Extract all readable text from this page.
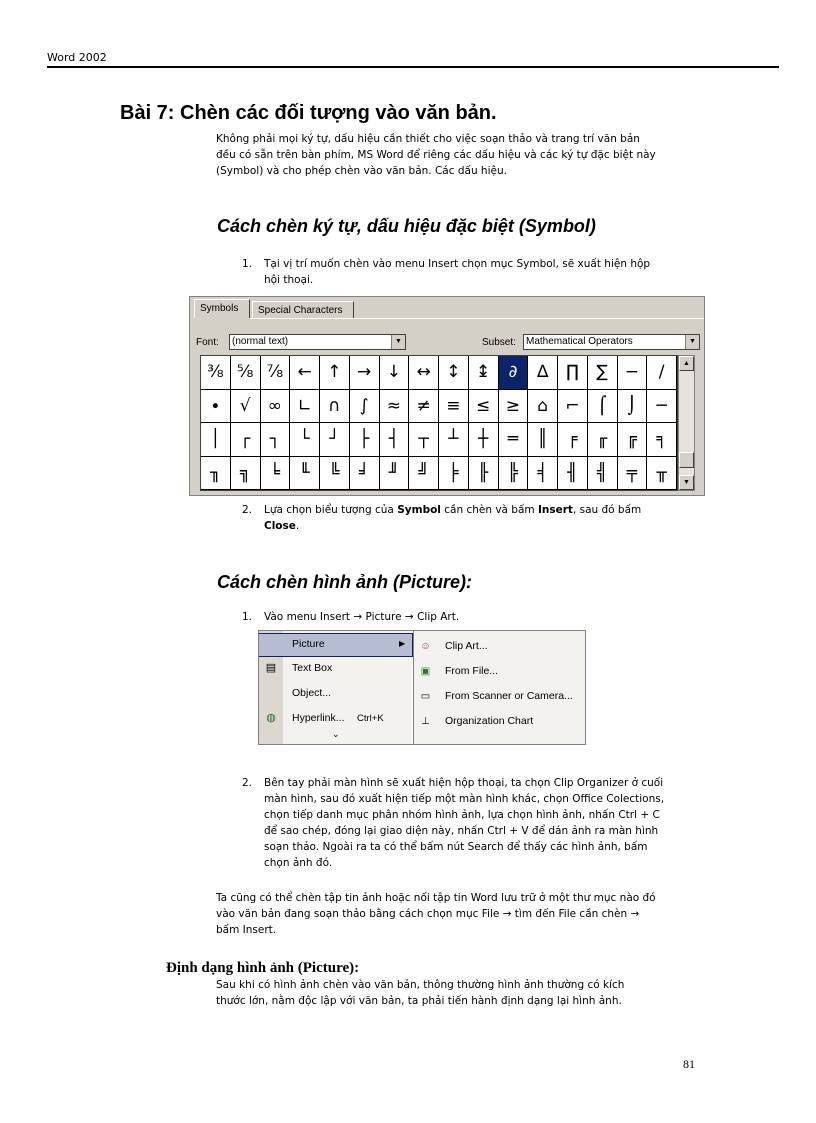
Word 2002
Bài 7: Chèn các đối tượng vào văn bản.
Không phải mọi ký tự, dấu hiệu cần thiết cho việc soạn thảo và trang trí văn bản
đều có sẵn trên bàn phím, MS Word để riêng các dấu hiệu và các ký tự đặc biệt này
(Symbol) và cho phép chèn vào văn bản. Các dấu hiệu.
Cách chèn ký tự, dấu hiệu đặc biệt (Symbol)
1. Tại vị trí muốn chèn vào menu Insert chọn mục Symbol, sẽ xuất hiện hộp
hội thoại.
Symbols	Special Characters
Font:	(normal text)	▼	Subset:	Mathematical Operators	▼
⅜ ⅝ ⅞ ← ↑ → ↓ ↔ ↕ ↨	∂	∆	∏	∑ −	∕
∙	√	∞ ∟ ∩	∫	≈ ≠ ≡ ≤ ≥	⌂	⌐	⌠	⌡	─
│	┌	┐	└	┘	├	┤	┬	┴	┼	═	║	╒	╓	╔	╕
╖	╗	╘	╙	╚	╛	╜	╝	╞	╟	╠	╡	╢	╣	╤	╥
▲
▼
2. Lựa chọn biểu tượng của Symbol cần chèn và bấm Insert, sau đó bấm
Close.
Cách chèn hình ảnh (Picture):
1. Vào menu Insert → Picture → Clip Art.
Picture	▶
▤ Text Box
Object...
◍ Hyperlink... Ctrl+K
⌄
☺ Clip Art...
▣ From File...
▭ From Scanner or Camera...
⊥ Organization Chart
2. Bên tay phải màn hình sẽ xuất hiện hộp thoại, ta chọn Clip Organizer ở cuối
màn hình, sau đó xuất hiện tiếp một màn hình khác, chọn Office Colections,
chọn tiếp danh mục phân nhóm hình ảnh, lựa chọn hình ảnh, nhấn Ctrl + C
để sao chép, đóng lại giao diện này, nhấn Ctrl + V để dán ảnh ra màn hình
soạn thảo. Ngoài ra ta có thể bấm nút Search để thấy các hình ảnh, bấm
chọn ảnh đó.
Ta cũng có thể chèn tập tin ảnh hoặc nối tập tin Word lưu trữ ở một thư mục nào đó
vào văn bản đang soạn thảo bằng cách chọn mục File → tìm đến File cần chèn →
bấm Insert.
Định dạng hình ảnh (Picture):
Sau khi có hình ảnh chèn vào văn bản, thông thường hình ảnh thường có kích
thước lớn, nằm độc lập với văn bản, ta phải tiến hành định dạng lại hình ảnh.
81
